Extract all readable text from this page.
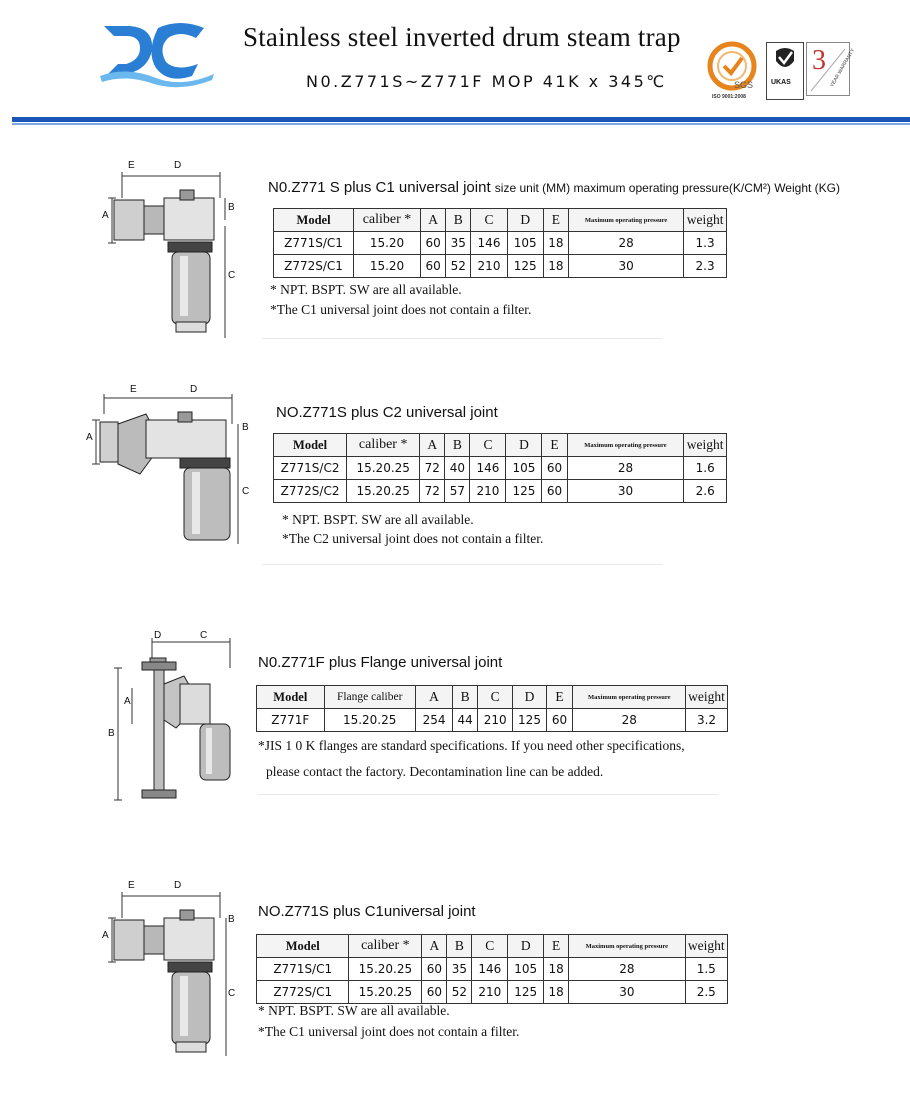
Stainless steel inverted drum steam trap
N0.Z771S~Z771F MOP 41K x 345℃	SGS
ISO 9001:2008
UKAS
3 YEAR WARRANTY
E	D
A
B
C
N0.Z771 S plus C1 universal joint size unit (MM) maximum operating pressure(K/CM²) Weight (KG)
Model	caliber *	A	B	C	D	E	Maximum operating pressure	weight
Z771S/C1	15.20	60	35	146	105	18	28	1.3
Z772S/C1	15.20	60	52	210	125	18	30	2.3
* NPT. BSPT. SW are all available.
*The C1 universal joint does not contain a filter.
E	D
A
B
C
NO.Z771S plus C2 universal joint
Model	caliber *	A	B	C	D	E	Maximum operating pressure	weight
Z771S/C2	15.20.25	72	40	146	105	60	28	1.6
Z772S/C2	15.20.25	72	57	210	125	60	30	2.6
* NPT. BSPT. SW are all available.
*The C2 universal joint does not contain a filter.
D	C
A
B
N0.Z771F plus Flange universal joint
Model	Flange caliber	A	B	C	D	E	Maximum operating pressure	weight
Z771F	15.20.25	254	44	210	125	60	28	3.2
*JIS 1 0 K flanges are standard specifications. If you need other specifications,
please contact the factory. Decontamination line can be added.
E	D
A
B
C
NO.Z771S plus C1universal joint
Model	caliber *	A	B	C	D	E	Maximum operating pressure	weight
Z771S/C1	15.20.25	60	35	146	105	18	28	1.5
Z772S/C1	15.20.25	60	52	210	125	18	30	2.5
* NPT. BSPT. SW are all available.
*The C1 universal joint does not contain a filter.
